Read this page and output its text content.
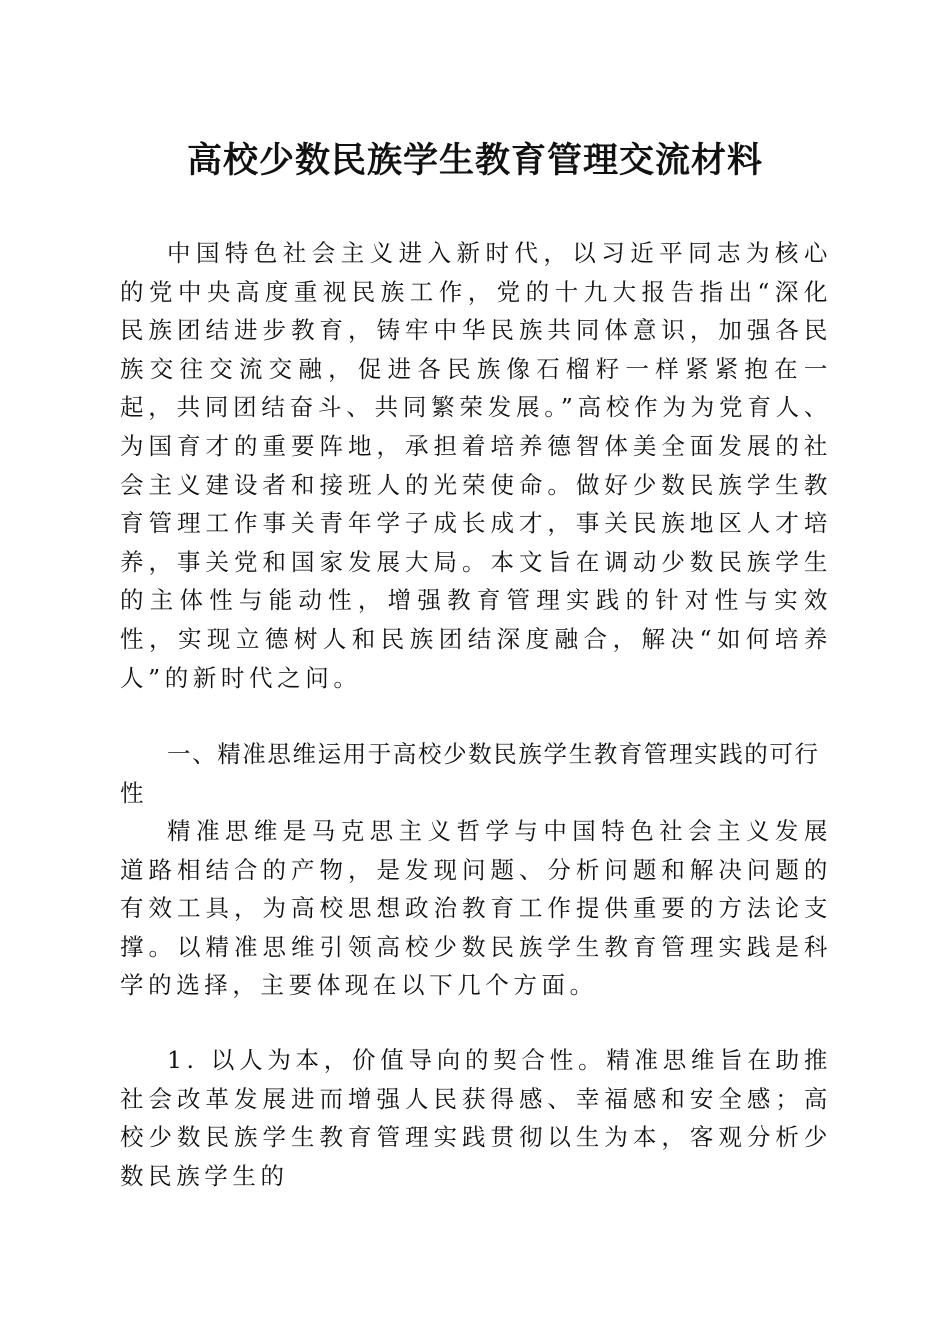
高校少数民族学生教育管理交流材料

中国特色社会主义进入新时代，以习近平同志为核心的党中央高度重视民族工作，党的十九大报告指出“深化民族团结进步教育，铸牢中华民族共同体意识，加强各民族交往交流交融，促进各民族像石榴籽一样紧紧抱在一起，共同团结奋斗、共同繁荣发展。”高校作为为党育人、为国育才的重要阵地，承担着培养德智体美全面发展的社会主义建设者和接班人的光荣使命。做好少数民族学生教育管理工作事关青年学子成长成才，事关民族地区人才培养，事关党和国家发展大局。本文旨在调动少数民族学生的主体性与能动性，增强教育管理实践的针对性与实效性，实现立德树人和民族团结深度融合，解决“如何培养人”的新时代之问。

一、精准思维运用于高校少数民族学生教育管理实践的可行性

精准思维是马克思主义哲学与中国特色社会主义发展道路相结合的产物，是发现问题、分析问题和解决问题的有效工具，为高校思想政治教育工作提供重要的方法论支撑。以精准思维引领高校少数民族学生教育管理实践是科学的选择，主要体现在以下几个方面。

1. 以人为本，价值导向的契合性。精准思维旨在助推社会改革发展进而增强人民获得感、幸福感和安全感；高校少数民族学生教育管理实践贯彻以生为本，客观分析少数民族学生的
